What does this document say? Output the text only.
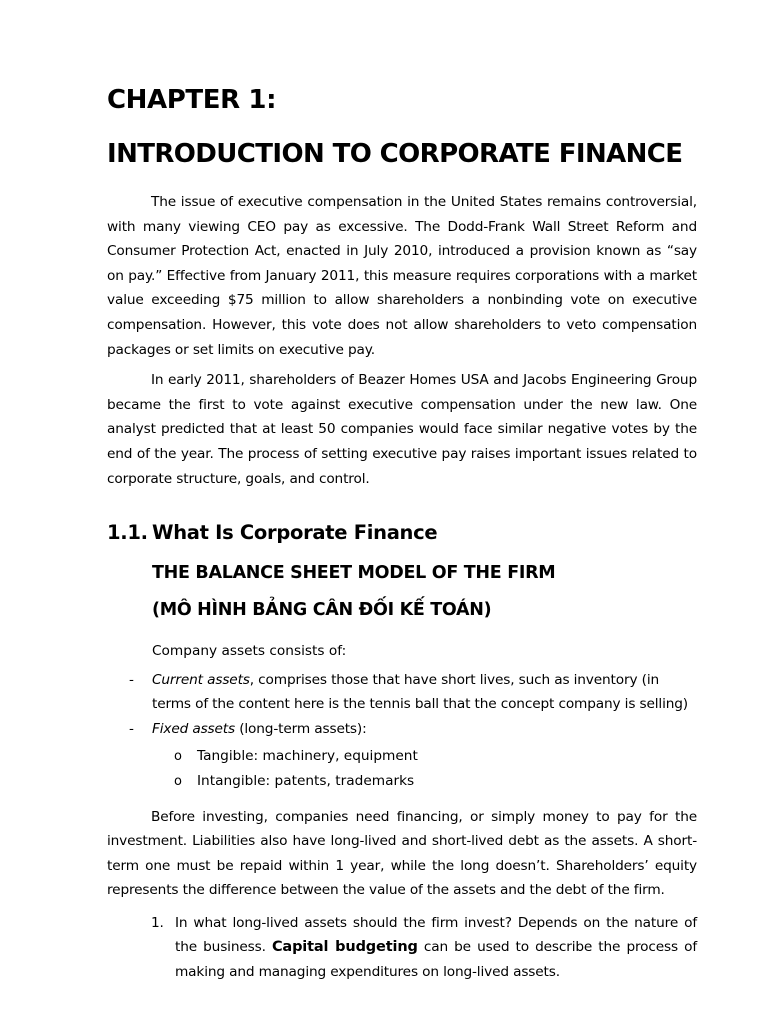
CHAPTER 1:
INTRODUCTION TO CORPORATE FINANCE

The issue of executive compensation in the United States remains controversial, with many viewing CEO pay as excessive. The Dodd-Frank Wall Street Reform and Consumer Protection Act, enacted in July 2010, introduced a provision known as “say on pay.” Effective from January 2011, this measure requires corporations with a market value exceeding $75 million to allow shareholders a nonbinding vote on executive compensation. However, this vote does not allow shareholders to veto compensation packages or set limits on executive pay.

In early 2011, shareholders of Beazer Homes USA and Jacobs Engineering Group became the first to vote against executive compensation under the new law. One analyst predicted that at least 50 companies would face similar negative votes by the end of the year. The process of setting executive pay raises important issues related to corporate structure, goals, and control.

1.1. What Is Corporate Finance
THE BALANCE SHEET MODEL OF THE FIRM
(MÔ HÌNH BẢNG CÂN ĐỐI KẾ TOÁN)

Company assets consists of:

- Current assets, comprises those that have short lives, such as inventory (in terms of the content here is the tennis ball that the concept company is selling)
- Fixed assets (long-term assets):
o Tangible: machinery, equipment
o Intangible: patents, trademarks

Before investing, companies need financing, or simply money to pay for the investment. Liabilities also have long-lived and short-lived debt as the assets. A short-term one must be repaid within 1 year, while the long doesn’t. Shareholders’ equity represents the difference between the value of the assets and the debt of the firm.

1. In what long-lived assets should the firm invest? Depends on the nature of the business. Capital budgeting can be used to describe the process of making and managing expenditures on long-lived assets.
